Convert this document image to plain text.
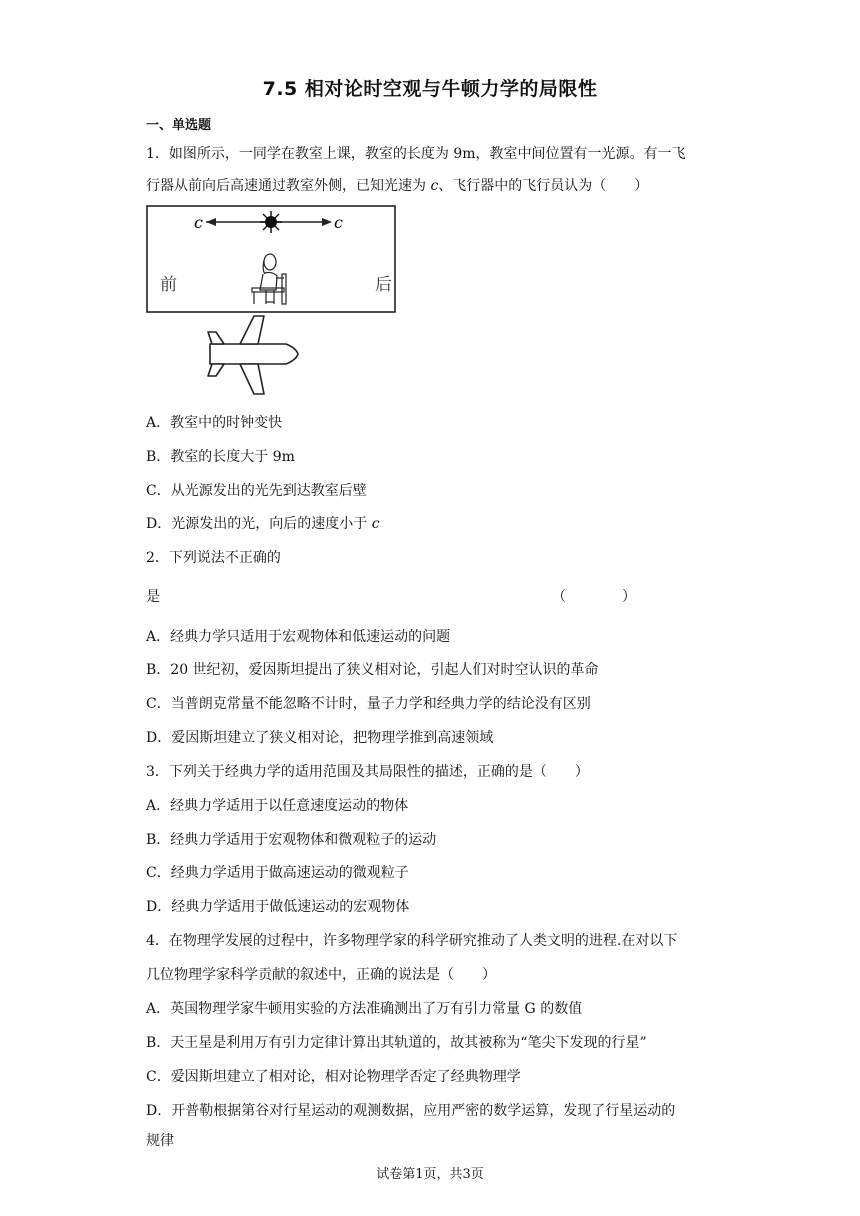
7.5 相对论时空观与牛顿力学的局限性
一、单选题
1．如图所示，一同学在教室上课，教室的长度为 9m，教室中间位置有一光源。有一飞
行器从前向后高速通过教室外侧，已知光速为 c、飞行器中的飞行员认为（　　）
c	c
前	后
A．教室中的时钟变快
B．教室的长度大于 9m
C．从光源发出的光先到达教室后壁
D．光源发出的光，向后的速度小于 c
2．下列说法不正确的
是	（　　　　）
A．经典力学只适用于宏观物体和低速运动的问题
B．20 世纪初，爱因斯坦提出了狭义相对论，引起人们对时空认识的革命
C．当普朗克常量不能忽略不计时，量子力学和经典力学的结论没有区别
D．爱因斯坦建立了狭义相对论，把物理学推到高速领域
3．下列关于经典力学的适用范围及其局限性的描述，正确的是（　　）
A．经典力学适用于以任意速度运动的物体
B．经典力学适用于宏观物体和微观粒子的运动
C．经典力学适用于做高速运动的微观粒子
D．经典力学适用于做低速运动的宏观物体
4．在物理学发展的过程中，许多物理学家的科学研究推动了人类文明的进程.在对以下
几位物理学家科学贡献的叙述中，正确的说法是（　　）
A．英国物理学家牛顿用实验的方法准确测出了万有引力常量 G 的数值
B．天王星是利用万有引力定律计算出其轨道的，故其被称为“笔尖下发现的行星”
C．爱因斯坦建立了相对论，相对论物理学否定了经典物理学
D．开普勒根据第谷对行星运动的观测数据，应用严密的数学运算，发现了行星运动的
规律
试卷第1页，共3页
